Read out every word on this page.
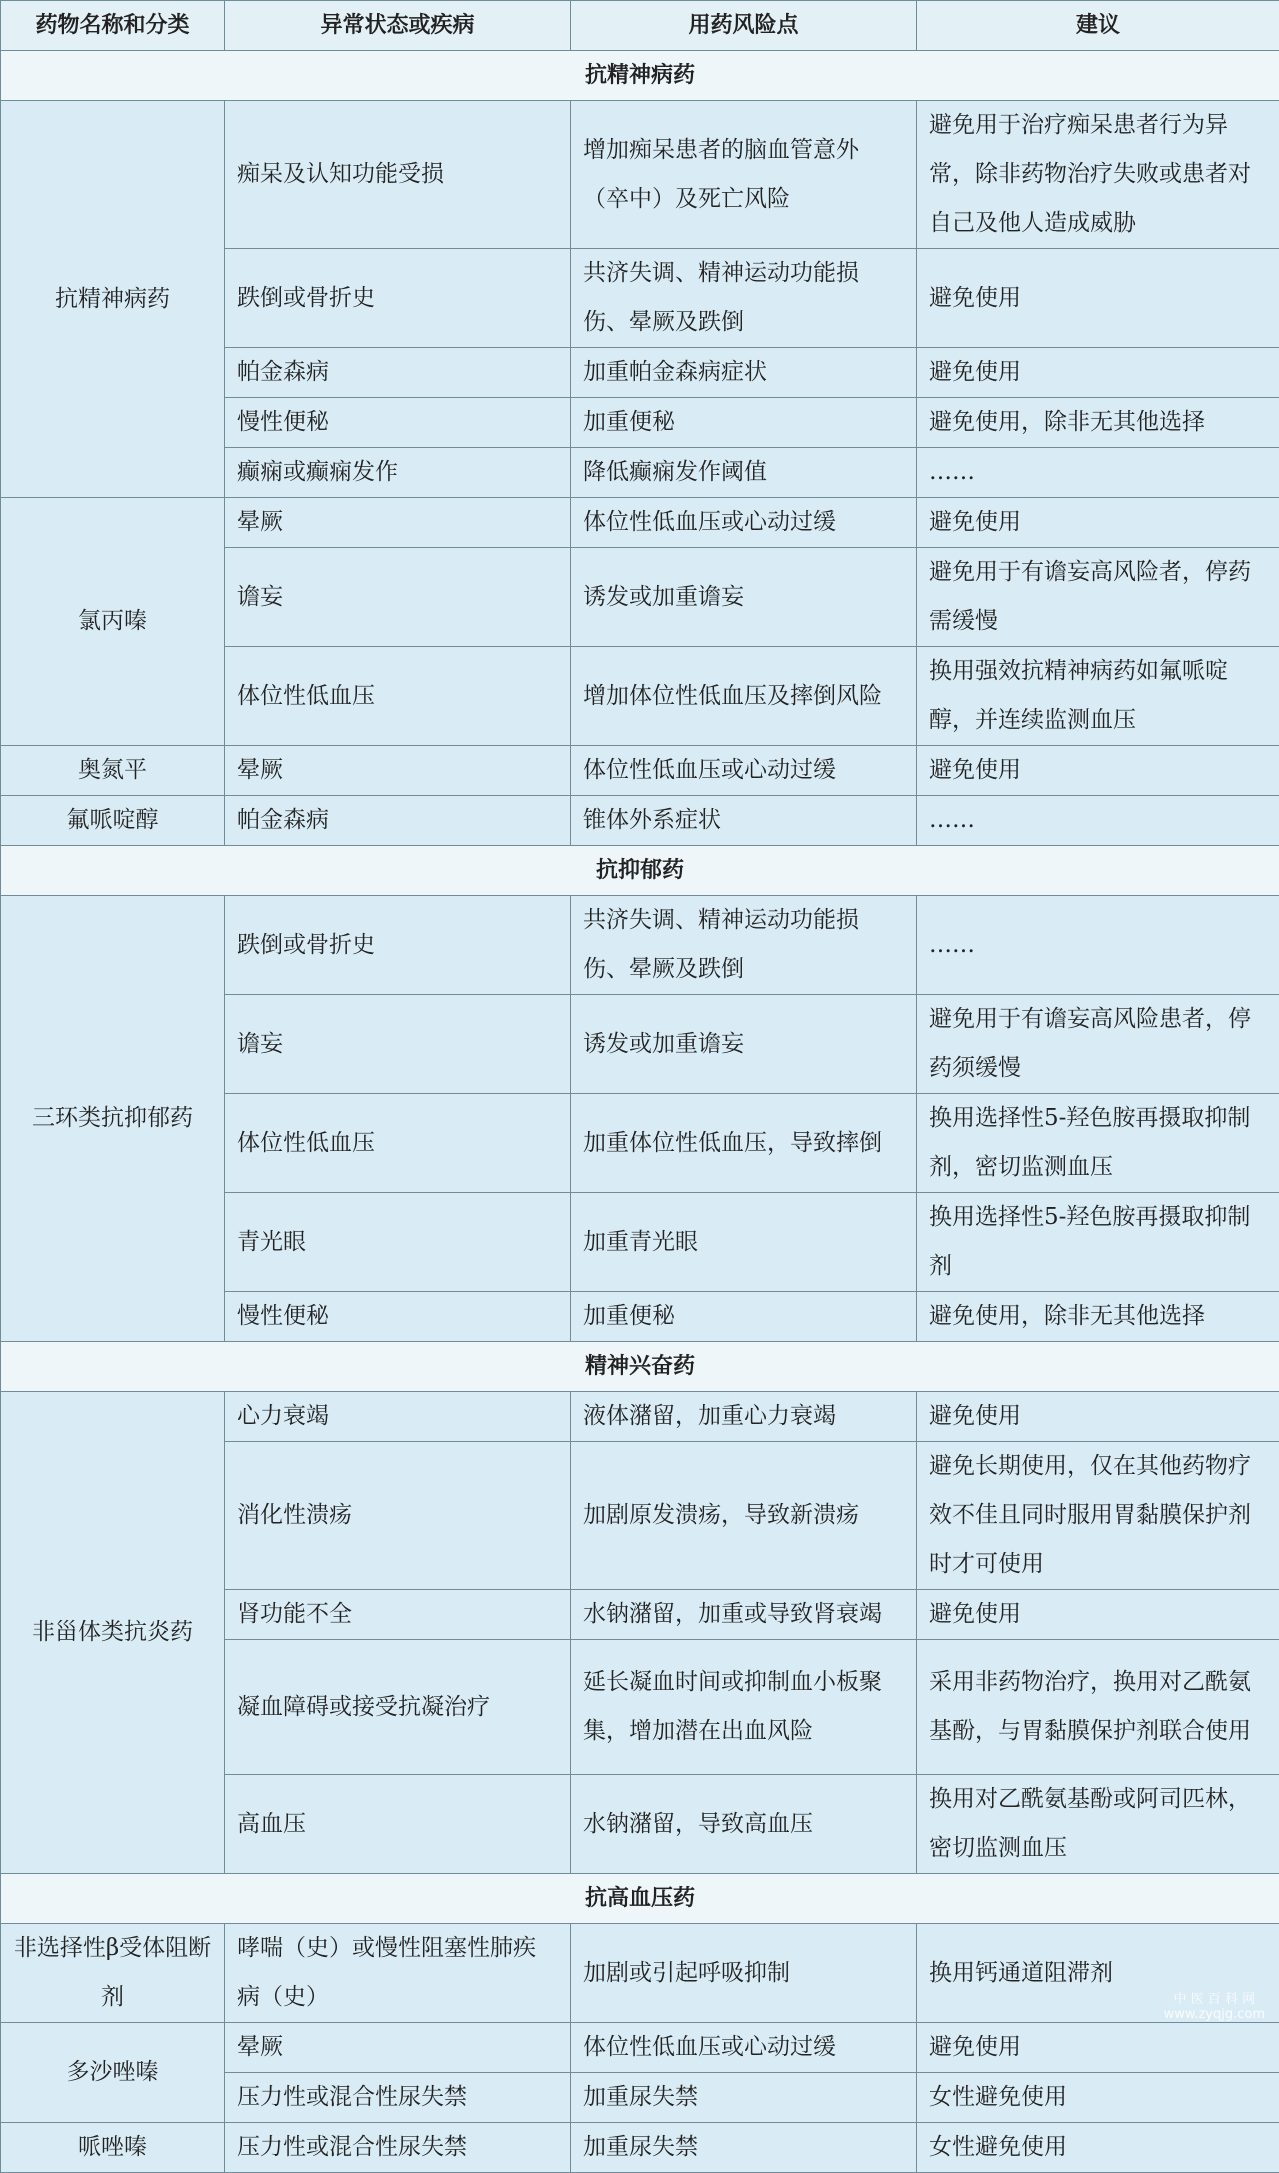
药物名称和分类	异常状态或疾病	用药风险点	建议
抗精神病药			
抗精神病药	痴呆及认知功能受损	增加痴呆患者的脑血管意外（卒中）及死亡风险	避免用于治疗痴呆患者行为异常，除非药物治疗失败或患者对自己及他人造成威胁
	跌倒或骨折史	共济失调、精神运动功能损伤、晕厥及跌倒	避免使用
	帕金森病	加重帕金森病症状	避免使用
	慢性便秘	加重便秘	避免使用，除非无其他选择
	癫痫或癫痫发作	降低癫痫发作阈值	……
氯丙嗪	晕厥	体位性低血压或心动过缓	避免使用
	谵妄	诱发或加重谵妄	避免用于有谵妄高风险者，停药需缓慢
	体位性低血压	增加体位性低血压及摔倒风险	换用强效抗精神病药如氟哌啶醇，并连续监测血压
奥氮平	晕厥	体位性低血压或心动过缓	避免使用
氟哌啶醇	帕金森病	锥体外系症状	……
抗抑郁药			
三环类抗抑郁药	跌倒或骨折史	共济失调、精神运动功能损伤、晕厥及跌倒	……
	谵妄	诱发或加重谵妄	避免用于有谵妄高风险患者，停药须缓慢
	体位性低血压	加重体位性低血压，导致摔倒	换用选择性5-羟色胺再摄取抑制剂，密切监测血压
	青光眼	加重青光眼	换用选择性5-羟色胺再摄取抑制剂
	慢性便秘	加重便秘	避免使用，除非无其他选择
精神兴奋药			
非甾体类抗炎药	心力衰竭	液体潴留，加重心力衰竭	避免使用
	消化性溃疡	加剧原发溃疡，导致新溃疡	避免长期使用，仅在其他药物疗效不佳且同时服用胃黏膜保护剂时才可使用
	肾功能不全	水钠潴留，加重或导致肾衰竭	避免使用
	凝血障碍或接受抗凝治疗	延长凝血时间或抑制血小板聚集，增加潜在出血风险	采用非药物治疗，换用对乙酰氨基酚，与胃黏膜保护剂联合使用
	高血压	水钠潴留，导致高血压	换用对乙酰氨基酚或阿司匹林，密切监测血压
抗高血压药			
非选择性β受体阻断剂	哮喘（史）或慢性阻塞性肺疾病（史）	加剧或引起呼吸抑制	换用钙通道阻滞剂
多沙唑嗪	晕厥	体位性低血压或心动过缓	避免使用
	压力性或混合性尿失禁	加重尿失禁	女性避免使用
哌唑嗪	压力性或混合性尿失禁	加重尿失禁	女性避免使用
中 医 百 科 网
www.zyqjg.com
